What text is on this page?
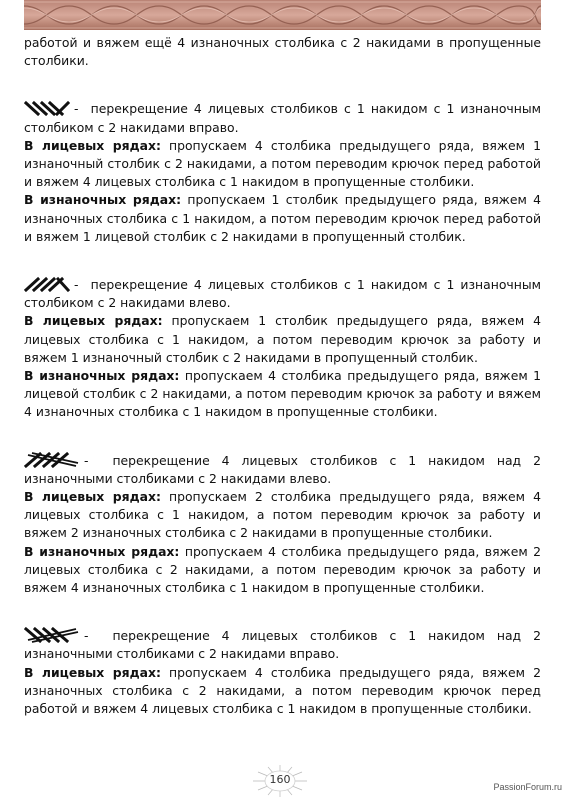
работой и вяжем ещё 4 изнаночных столбика с 2 накидами в пропущенные столбики.

- перекрещение 4 лицевых столбиков с 1 накидом с 1 изнаночным столбиком с 2 накидами вправо.

В лицевых рядах: пропускаем 4 столбика предыдущего ряда, вяжем 1 изнаночный столбик с 2 накидами, а потом переводим крючок перед работой и вяжем 4 лицевых столбика с 1 накидом в пропущенные столбики.

В изнаночных рядах: пропускаем 1 столбик предыдущего ряда, вяжем 4 изнаночных столбика с 1 накидом, а потом переводим крючок перед работой и вяжем 1 лицевой столбик с 2 накидами в пропущенный столбик.

- перекрещение 4 лицевых столбиков с 1 накидом с 1 изнаночным столбиком с 2 накидами влево.

В лицевых рядах: пропускаем 1 столбик предыдущего ряда, вяжем 4 лицевых столбика с 1 накидом, а потом переводим крючок за работу и вяжем 1 изнаночный столбик с 2 накидами в пропущенный столбик.

В изнаночных рядах: пропускаем 4 столбика предыдущего ряда, вяжем 1 лицевой столбик с 2 накидами, а потом переводим крючок за работу и вяжем 4 изнаночных столбика с 1 накидом в пропущенные столбики.

- перекрещение 4 лицевых столбиков с 1 накидом над 2 изнаночными столбиками с 2 накидами влево.

В лицевых рядах: пропускаем 2 столбика предыдущего ряда, вяжем 4 лицевых столбика с 1 накидом, а потом переводим крючок за работу и вяжем 2 изнаночных столбика с 2 накидами в пропущенные столбики.

В изнаночных рядах: пропускаем 4 столбика предыдущего ряда, вяжем 2 лицевых столбика с 2 накидами, а потом переводим крючок за работу и вяжем 4 изнаночных столбика с 1 накидом в пропущенные столбики.

- перекрещение 4 лицевых столбиков с 1 накидом над 2 изнаночными столбиками с 2 накидами вправо.

В лицевых рядах: пропускаем 4 столбика предыдущего ряда, вяжем 2 изнаночных столбика с 2 накидами, а потом переводим крючок перед работой и вяжем 4 лицевых столбика с 1 накидом в пропущенные столбики.

160
PassionForum.ru
